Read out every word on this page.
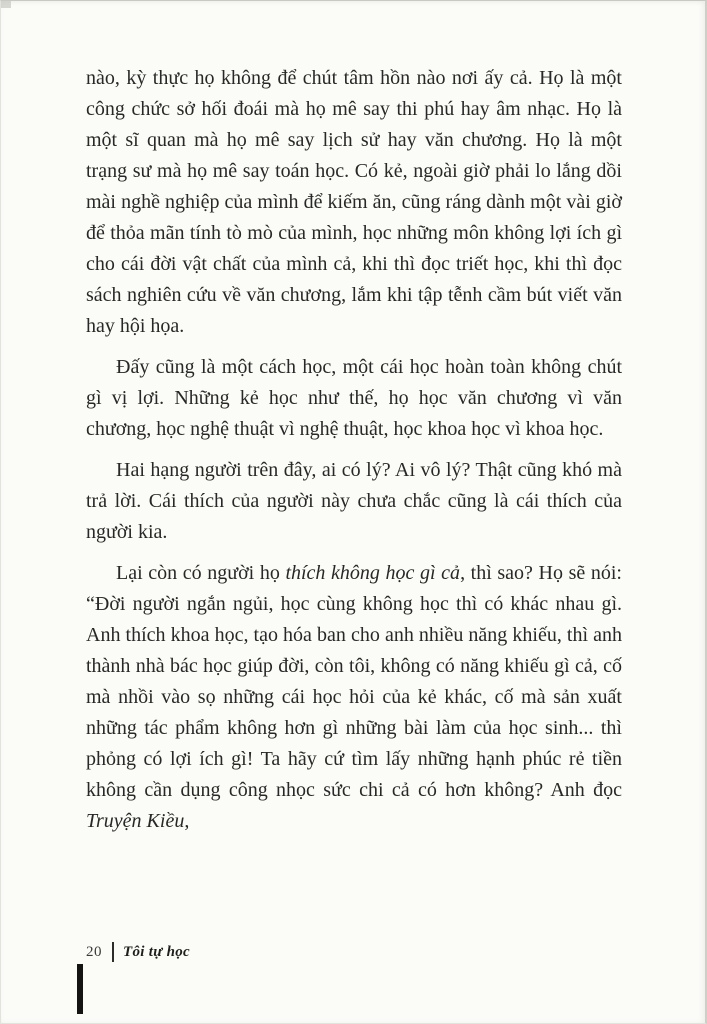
nào, kỳ thực họ không để chút tâm hồn nào nơi ấy cả. Họ là một công chức sở hối đoái mà họ mê say thi phú hay âm nhạc. Họ là một sĩ quan mà họ mê say lịch sử hay văn chương. Họ là một trạng sư mà họ mê say toán học. Có kẻ, ngoài giờ phải lo lắng dồi mài nghề nghiệp của mình để kiếm ăn, cũng ráng dành một vài giờ để thỏa mãn tính tò mò của mình, học những môn không lợi ích gì cho cái đời vật chất của mình cả, khi thì đọc triết học, khi thì đọc sách nghiên cứu về văn chương, lắm khi tập tễnh cầm bút viết văn hay hội họa.

Đấy cũng là một cách học, một cái học hoàn toàn không chút gì vị lợi. Những kẻ học như thế, họ học văn chương vì văn chương, học nghệ thuật vì nghệ thuật, học khoa học vì khoa học.

Hai hạng người trên đây, ai có lý? Ai vô lý? Thật cũng khó mà trả lời. Cái thích của người này chưa chắc cũng là cái thích của người kia.

Lại còn có người họ thích không học gì cả, thì sao? Họ sẽ nói: “Đời người ngắn ngủi, học cùng không học thì có khác nhau gì. Anh thích khoa học, tạo hóa ban cho anh nhiều năng khiếu, thì anh thành nhà bác học giúp đời, còn tôi, không có năng khiếu gì cả, cố mà nhồi vào sọ những cái học hỏi của kẻ khác, cố mà sản xuất những tác phẩm không hơn gì những bài làm của học sinh... thì phỏng có lợi ích gì! Ta hãy cứ tìm lấy những hạnh phúc rẻ tiền không cần dụng công nhọc sức chi cả có hơn không? Anh đọc Truyện Kiều,

20 Tôi tự học
